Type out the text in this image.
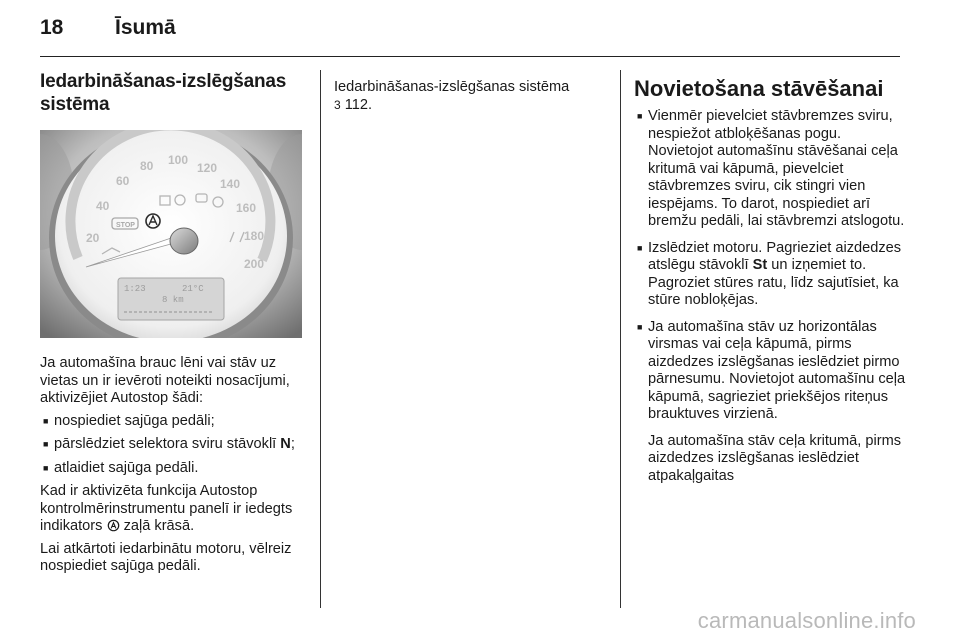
18	Īsumā
Iedarbināšanas-izslēgšanas sistēma
20
40
60
80 100
120
140
160
180
200
STOP
1:23	21°C
8 km

Ja automašīna brauc lēni vai stāv uz vietas un ir ievēroti noteikti nosacījumi, aktivizējiet Autostop šādi:

■ nospiediet sajūga pedāli;
■ pārslēdziet selektora sviru stāvoklī N;
■ atlaidiet sajūga pedāli.

Kad ir aktivizēta funkcija Autostop kontrolmērinstrumentu panelī ir iedegts indikators  zaļā krāsā.

Lai atkārtoti iedarbinātu motoru, vēlreiz nospiediet sajūga pedāli.

Iedarbināšanas-izslēgšanas sistēma
3 112.

Novietošana stāvēšanai
■ Vienmēr pievelciet stāvbremzes sviru, nespiežot atbloķēšanas pogu. Novietojot automašīnu stāvēšanai ceļa kritumā vai kāpumā, pievelciet stāvbremzes sviru, cik stingri vien iespējams. To darot, nospiediet arī bremžu pedāli, lai stāvbremzi atslogotu.
■ Izslēdziet motoru. Pagrieziet aizdedzes atslēgu stāvoklī St un izņemiet to. Pagroziet stūres ratu, līdz sajutīsiet, ka stūre nobloķējas.
■ Ja automašīna stāv uz horizontālas virsmas vai ceļa kāpumā, pirms aizdedzes izslēgšanas ieslēdziet pirmo pārnesumu. Novietojot automašīnu ceļa kāpumā, sagrieziet priekšējos riteņus brauktuves virzienā.

Ja automašīna stāv ceļa kritumā, pirms aizdedzes izslēgšanas ieslēdziet atpakaļgaitas

carmanualsonline.info
